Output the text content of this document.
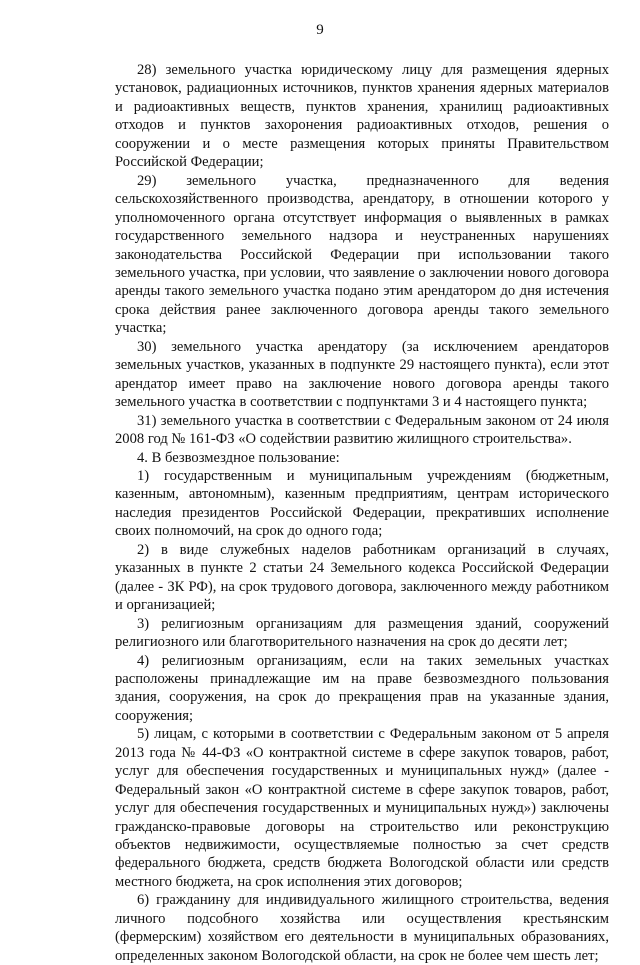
9

28) земельного участка юридическому лицу для размещения ядерных установок, радиационных источников, пунктов хранения ядерных материалов и радиоактивных веществ, пунктов хранения, хранилищ радиоактивных отходов и пунктов захоронения радиоактивных отходов, решения о сооружении и о месте размещения которых приняты Правительством Российской Федерации;

29) земельного участка, предназначенного для ведения сельскохозяйственного производства, арендатору, в отношении которого у уполномоченного органа отсутствует информация о выявленных в рамках государственного земельного надзора и неустраненных нарушениях законодательства Российской Федерации при использовании такого земельного участка, при условии, что заявление о заключении нового договора аренды такого земельного участка подано этим арендатором до дня истечения срока действия ранее заключенного договора аренды такого земельного участка;

30) земельного участка арендатору (за исключением арендаторов земельных участков, указанных в подпункте 29 настоящего пункта), если этот арендатор имеет право на заключение нового договора аренды такого земельного участка в соответствии с подпунктами 3 и 4 настоящего пункта;

31) земельного участка в соответствии с Федеральным законом от 24 июля 2008 год № 161-ФЗ «О содействии развитию жилищного строительства».

4. В безвозмездное пользование:

1) государственным и муниципальным учреждениям (бюджетным, казенным, автономным), казенным предприятиям, центрам исторического наследия президентов Российской Федерации, прекративших исполнение своих полномочий, на срок до одного года;

2) в виде служебных наделов работникам организаций в случаях, указанных в пункте 2 статьи 24 Земельного кодекса Российской Федерации (далее - ЗК РФ), на срок трудового договора, заключенного между работником и организацией;

3) религиозным организациям для размещения зданий, сооружений религиозного или благотворительного назначения на срок до десяти лет;

4) религиозным организациям, если на таких земельных участках расположены принадлежащие им на праве безвозмездного пользования здания, сооружения, на срок до прекращения прав на указанные здания, сооружения;

5) лицам, с которыми в соответствии с Федеральным законом от 5 апреля 2013 года № 44-ФЗ «О контрактной системе в сфере закупок товаров, работ, услуг для обеспечения государственных и муниципальных нужд» (далее - Федеральный закон «О контрактной системе в сфере закупок товаров, работ, услуг для обеспечения государственных и муниципальных нужд») заключены гражданско-правовые договоры на строительство или реконструкцию объектов недвижимости, осуществляемые полностью за счет средств федерального бюджета, средств бюджета Вологодской области или средств местного бюджета, на срок исполнения этих договоров;

6) гражданину для индивидуального жилищного строительства, ведения личного подсобного хозяйства или осуществления крестьянским (фермерским) хозяйством его деятельности в муниципальных образованиях, определенных законом Вологодской области, на срок не более чем шесть лет;
